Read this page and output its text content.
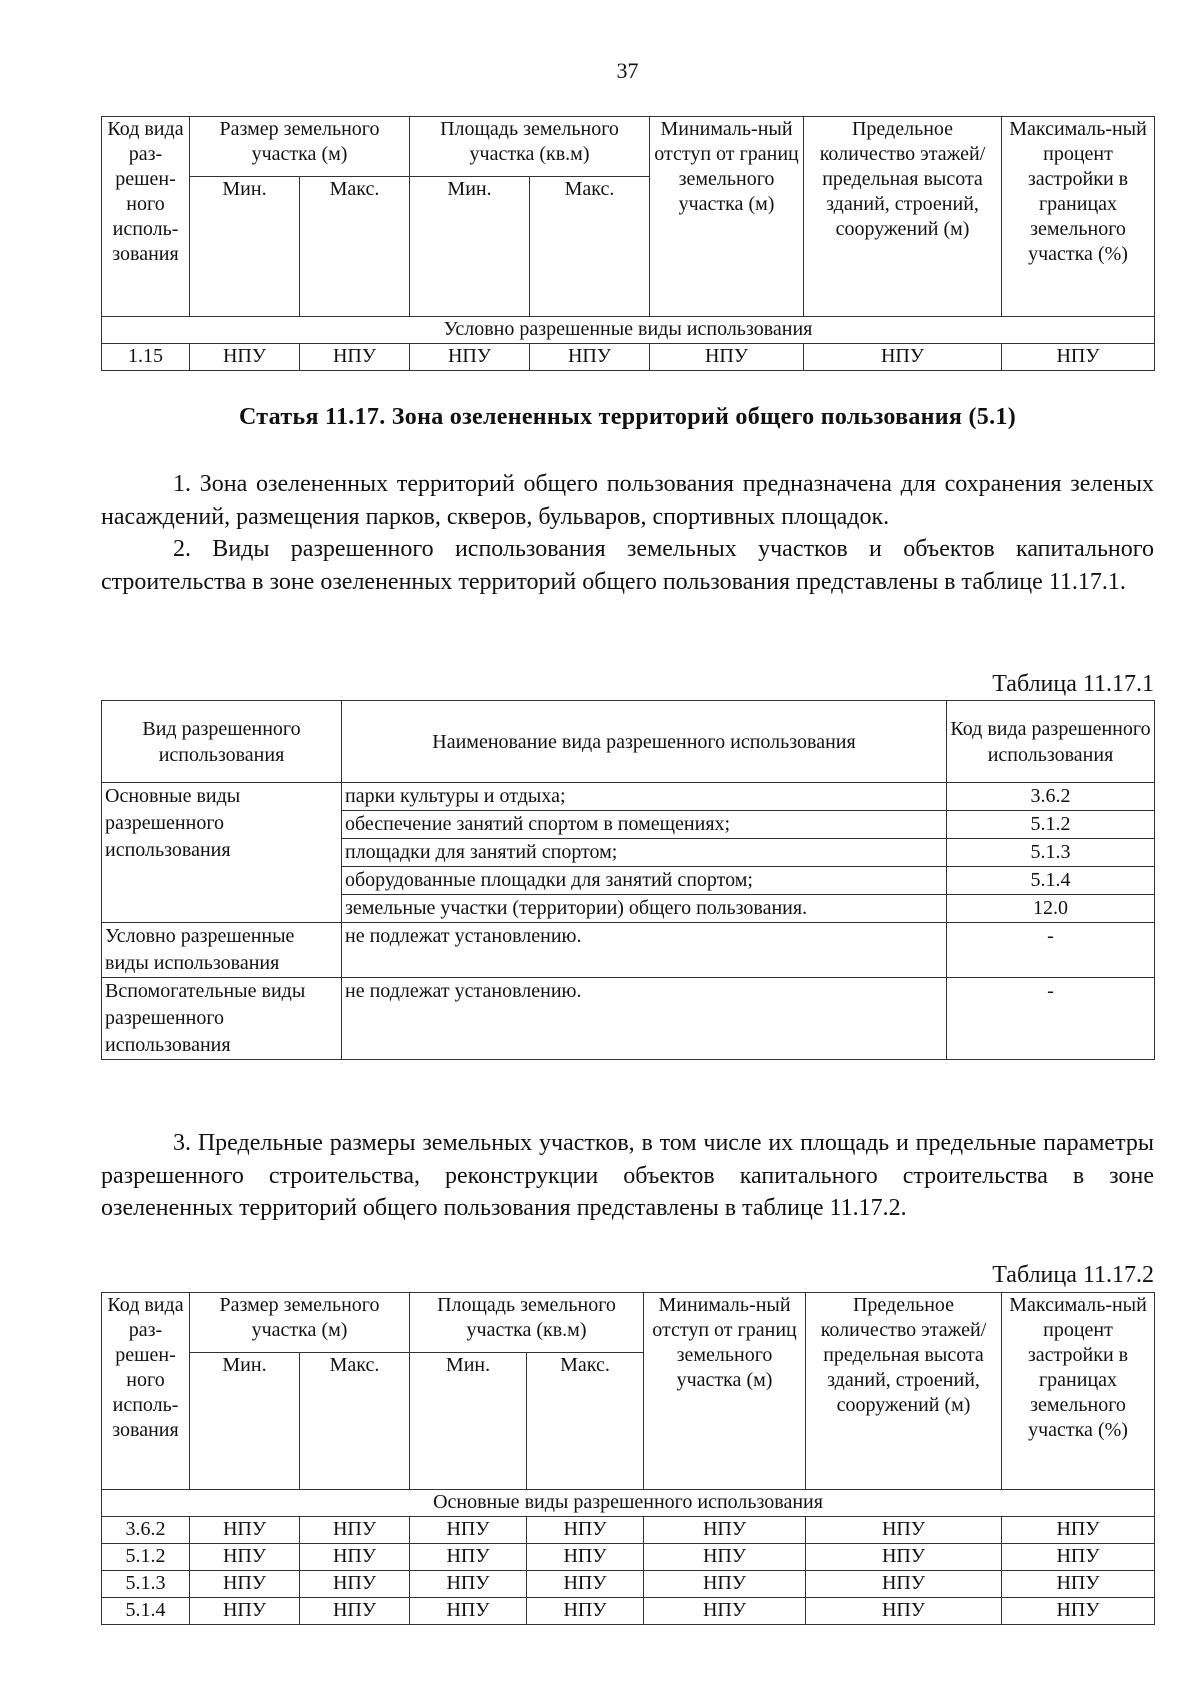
37
Код вида раз-решен-ного исполь-зования	Размер земельного участка (м)		Площадь земельного участка (кв.м)		Минималь-ный отступ от границ земельного участка (м)	Предельное количество этажей/ предельная высота зданий, строений, сооружений (м)	Максималь-ный процент застройки в границах земельного участка (%)
	Мин.	Макс.	Мин.	Макс.			
Условно разрешенные виды использования							
1.15	НПУ	НПУ	НПУ	НПУ	НПУ	НПУ	НПУ
Статья 11.17. Зона озелененных территорий общего пользования (5.1)

1. Зона озелененных территорий общего пользования предназначена для сохранения зеленых насаждений, размещения парков, скверов, бульваров, спортивных площадок.

2. Виды разрешенного использования земельных участков и объектов капитального строительства в зоне озелененных территорий общего пользования представлены в таблице 11.17.1.

Таблица 11.17.1
Вид разрешенного использования	Наименование вида разрешенного использования	Код вида разрешенного использования
Основные виды разрешенного использования	парки культуры и отдыха;	3.6.2
	обеспечение занятий спортом в помещениях;	5.1.2
	площадки для занятий спортом;	5.1.3
	оборудованные площадки для занятий спортом;	5.1.4
	земельные участки (территории) общего пользования.	12.0
Условно разрешенные виды использования	не подлежат установлению.	-
Вспомогательные виды разрешенного использования	не подлежат установлению.	-

3. Предельные размеры земельных участков, в том числе их площадь и предельные параметры разрешенного строительства, реконструкции объектов капитального строительства в зоне озелененных территорий общего пользования представлены в таблице 11.17.2.

Таблица 11.17.2
Код вида раз-решен-ного исполь-зования	Размер земельного участка (м)		Площадь земельного участка (кв.м)		Минималь-ный отступ от границ земельного участка (м)	Предельное количество этажей/ предельная высота зданий, строений, сооружений (м)	Максималь-ный процент застройки в границах земельного участка (%)
	Мин.	Макс.	Мин.	Макс.			
Основные виды разрешенного использования							
3.6.2	НПУ	НПУ	НПУ	НПУ	НПУ	НПУ	НПУ
5.1.2	НПУ	НПУ	НПУ	НПУ	НПУ	НПУ	НПУ
5.1.3	НПУ	НПУ	НПУ	НПУ	НПУ	НПУ	НПУ
5.1.4	НПУ	НПУ	НПУ	НПУ	НПУ	НПУ	НПУ
